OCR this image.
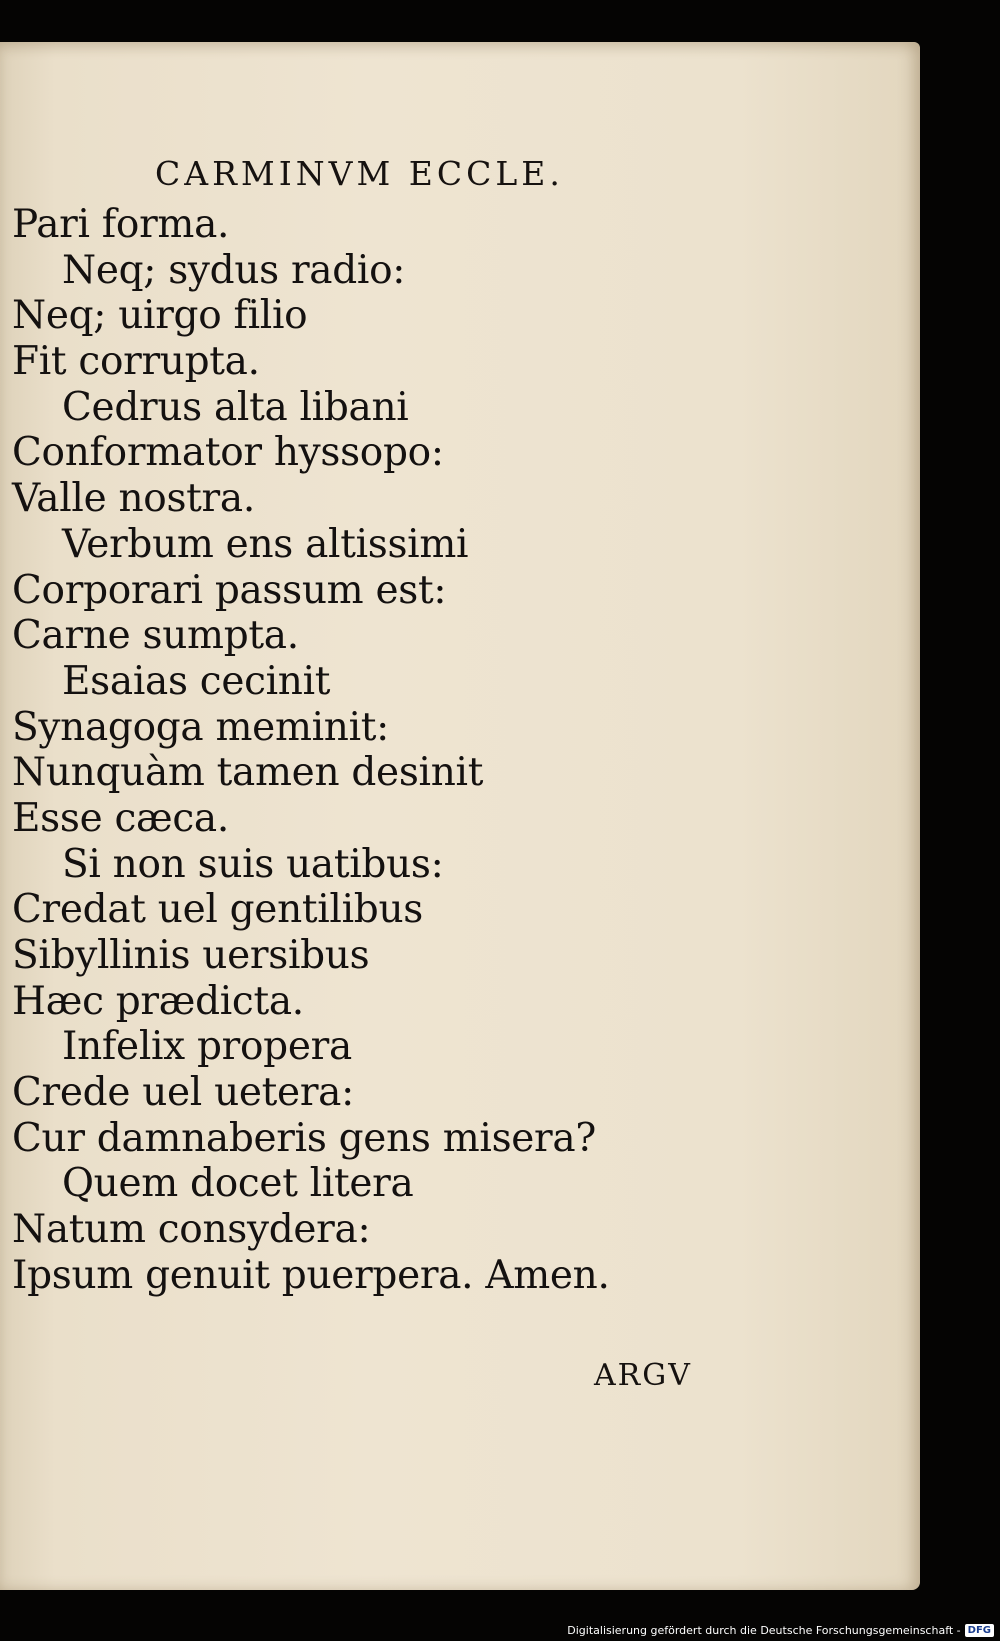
CARMINVM ECCLE.
Pari forma.
Neq; sydus radio:
Neq; uirgo filio
Fit corrupta.
Cedrus alta libani
Conformator hyssopo:
Valle nostra.
Verbum ens altissimi
Corporari passum est:
Carne sumpta.
Esaias cecinit
Synagoga meminit:
Nunquàm tamen desinit
Esse cæca.
Si non suis uatibus:
Credat uel gentilibus
Sibyllinis uersibus
Hæc prædicta.
Infelix propera
Crede uel uetera:
Cur damnaberis gens misera?
Quem docet litera
Natum consydera:
Ipsum genuit puerpera. Amen.
ARGV
Digitalisierung gefördert durch die Deutsche Forschungsgemeinschaft - DFG
